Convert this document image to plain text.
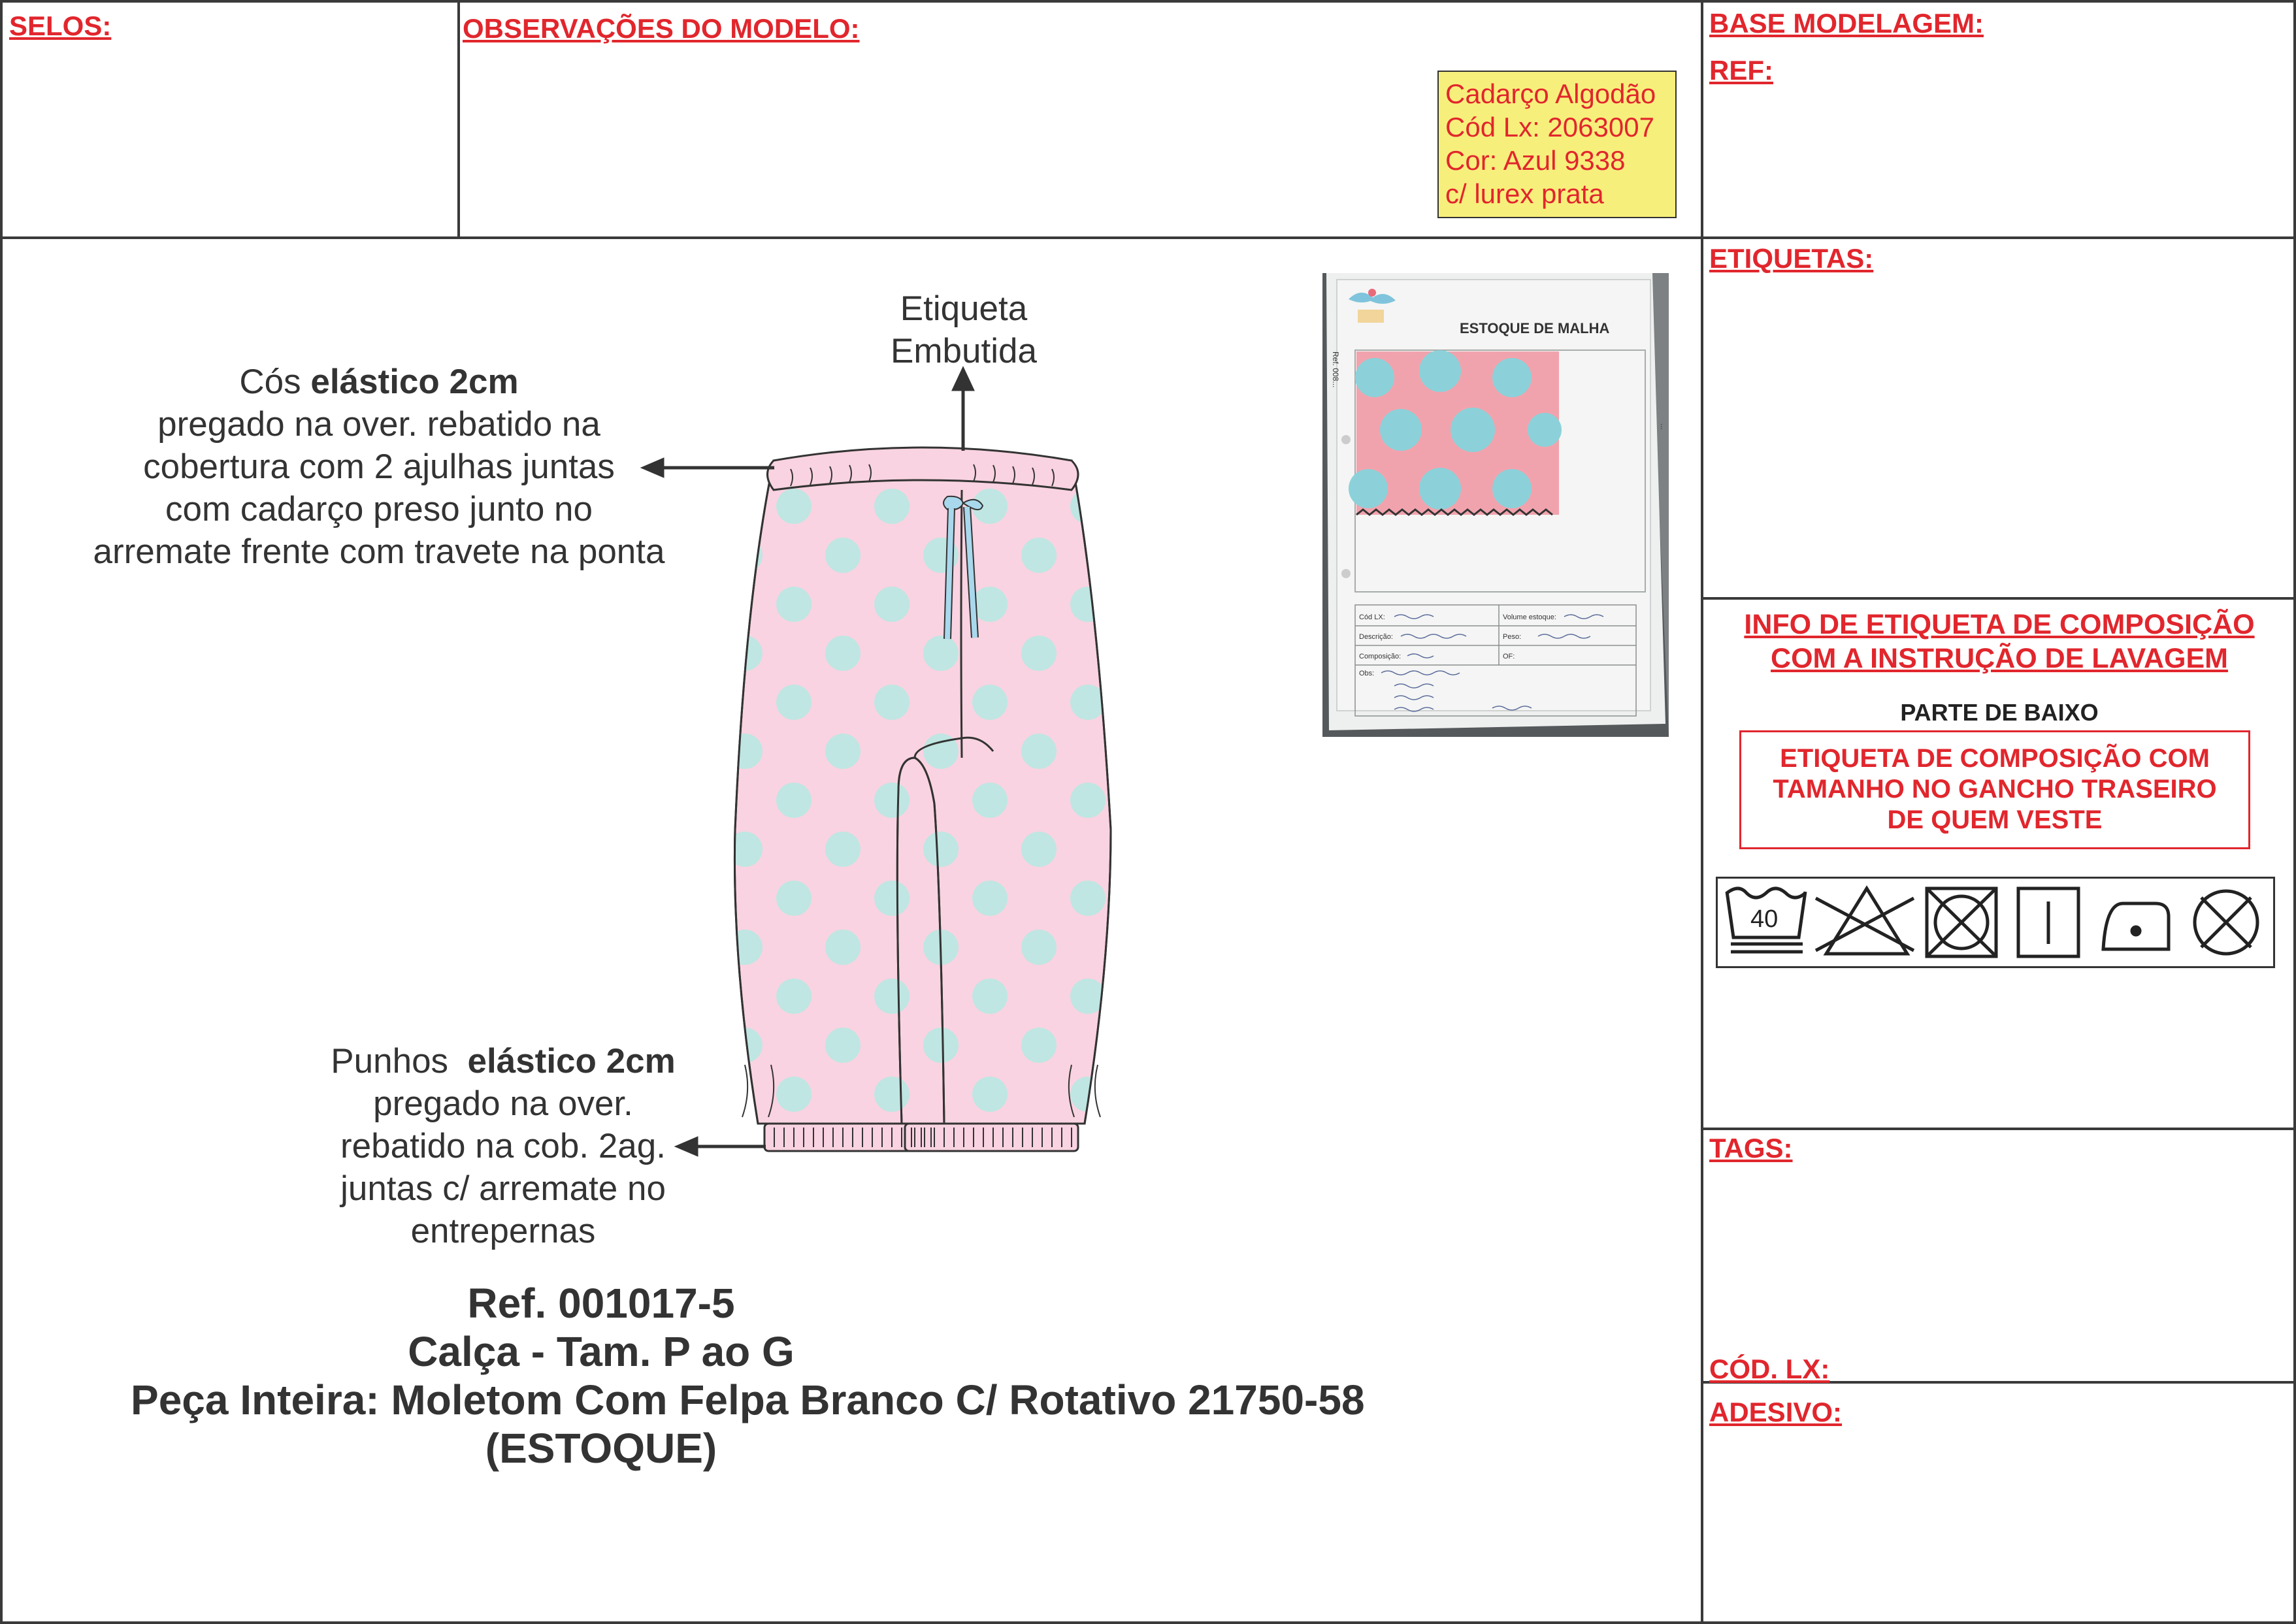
SELOS:	OBSERVAÇÕES DO MODELO:	BASE MODELAGEM:
REF:
ETIQUETAS:
TAGS:
CÓD. LX:
ADESIVO:
Cadarço Algodão
Cód Lx: 2063007
Cor: Azul 9338
c/ lurex prata
ESTOQUE DE MALHA
Ref. 008...
...
Cód LX:	Volume estoque:
Descrição:	Peso:
Composição:	OF:
Obs:
Etiqueta
Embutida
Cós elástico 2cm
pregado na over. rebatido na
cobertura com 2 ajulhas juntas
com cadarço preso junto no
arremate frente com travete na ponta
Punhos  elástico 2cm
pregado na over.
rebatido na cob. 2ag.
juntas c/ arremate no
entrepernas
Ref. 001017-5
Calça - Tam. P ao G
Peça Inteira: Moletom Com Felpa Branco C/ Rotativo 21750-58
(ESTOQUE)
INFO DE ETIQUETA DE COMPOSIÇÃO
COM A INSTRUÇÃO DE LAVAGEM
PARTE DE BAIXO
ETIQUETA DE COMPOSIÇÃO COM
TAMANHO NO GANCHO TRASEIRO
DE QUEM VESTE
40
